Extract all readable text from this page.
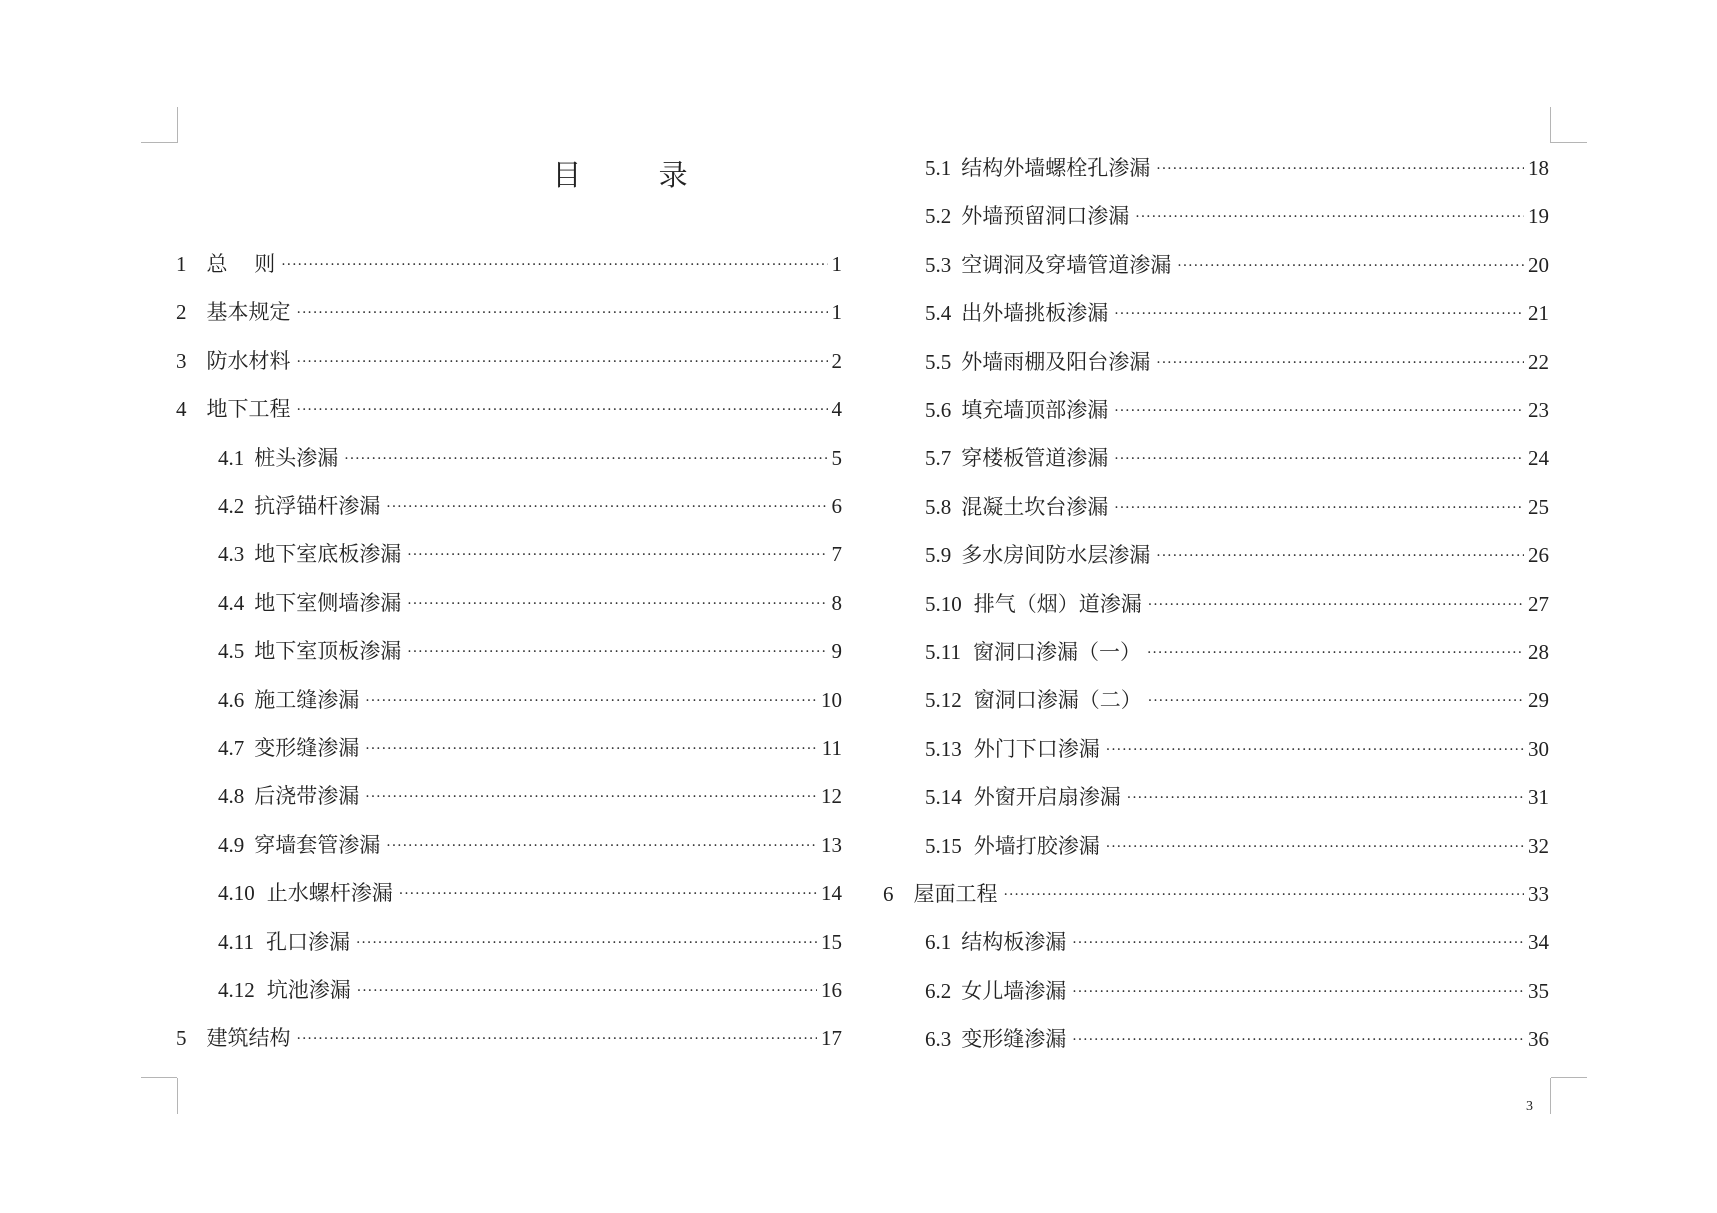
目 录
1 总    则 ·····	1
2 基本规定 ·····	1
3 防水材料 ·····	2
4 地下工程 ·····	4
4.1 桩头渗漏 ·····	5
4.2 抗浮锚杆渗漏 ·····	6
4.3 地下室底板渗漏 ·····	7
4.4 地下室侧墙渗漏 ·····	8
4.5 地下室顶板渗漏 ·····	9
4.6 施工缝渗漏 ·····	10
4.7 变形缝渗漏 ·····	11
4.8 后浇带渗漏 ·····	12
4.9 穿墙套管渗漏 ·····	13
4.10 止水螺杆渗漏 ·····	14
4.11 孔口渗漏 ·····	15
4.12 坑池渗漏 ·····	16
5 建筑结构 ·····	17
5.1 结构外墙螺栓孔渗漏 ·····	18
5.2 外墙预留洞口渗漏 ·····	19
5.3 空调洞及穿墙管道渗漏 ·····	20
5.4 出外墙挑板渗漏 ·····	21
5.5 外墙雨棚及阳台渗漏 ·····	22
5.6 填充墙顶部渗漏 ·····	23
5.7 穿楼板管道渗漏 ·····	24
5.8 混凝土坎台渗漏 ·····	25
5.9 多水房间防水层渗漏 ·····	26
5.10 排气（烟）道渗漏 ·····	27
5.11 窗洞口渗漏（一） ·····	28
5.12 窗洞口渗漏（二） ·····	29
5.13 外门下口渗漏 ·····	30
5.14 外窗开启扇渗漏 ·····	31
5.15 外墙打胶渗漏 ·····	32
6 屋面工程 ·····	33
6.1 结构板渗漏 ·····	34
6.2 女儿墙渗漏 ·····	35
6.3 变形缝渗漏 ·····	36
3
